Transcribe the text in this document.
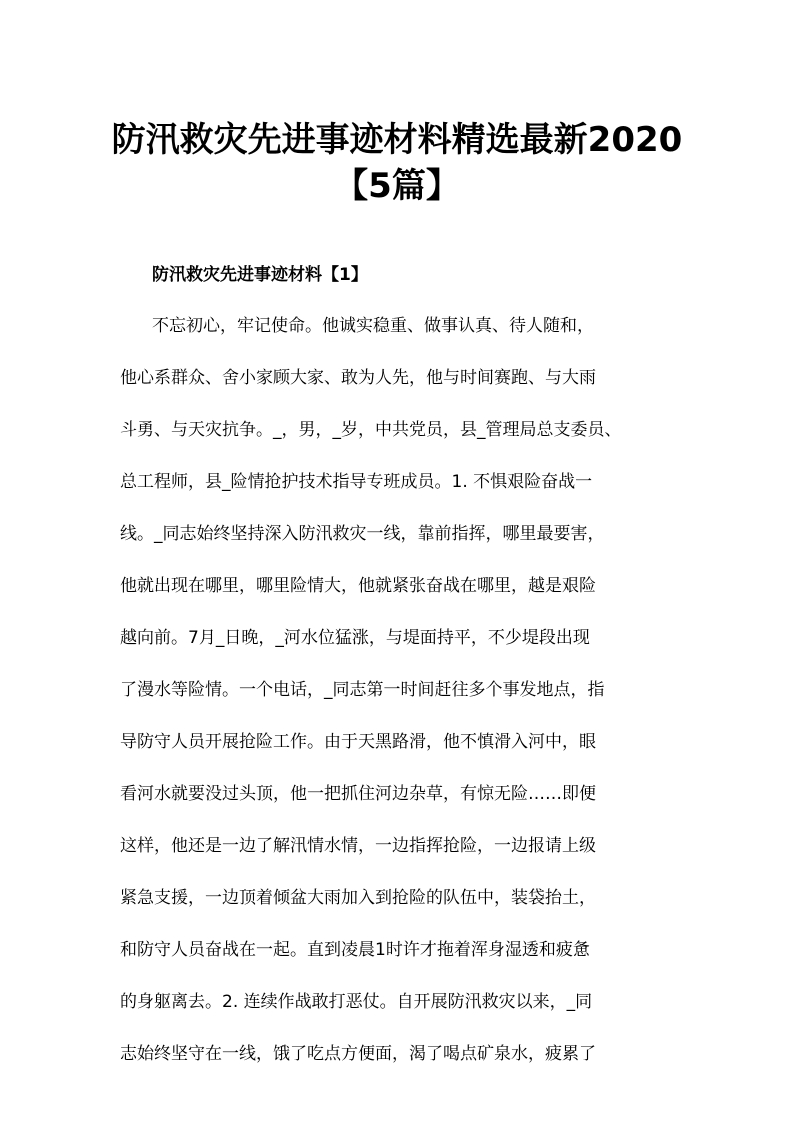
防汛救灾先进事迹材料精选最新2020
【5篇】
防汛救灾先进事迹材料【1】

不忘初心，牢记使命。他诚实稳重、做事认真、待人随和，

他心系群众、舍小家顾大家、敢为人先，他与时间赛跑、与大雨

斗勇、与天灾抗争。_，男，_岁，中共党员，县_管理局总支委员、

总工程师，县_险情抢护技术指导专班成员。1. 不惧艰险奋战一

线。_同志始终坚持深入防汛救灾一线，靠前指挥，哪里最要害，

他就出现在哪里，哪里险情大，他就紧张奋战在哪里，越是艰险

越向前。7月_日晚，_河水位猛涨，与堤面持平，不少堤段出现

了漫水等险情。一个电话，_同志第一时间赶往多个事发地点，指

导防守人员开展抢险工作。由于天黑路滑，他不慎滑入河中，眼

看河水就要没过头顶，他一把抓住河边杂草，有惊无险……即便

这样，他还是一边了解汛情水情，一边指挥抢险，一边报请上级

紧急支援，一边顶着倾盆大雨加入到抢险的队伍中，装袋抬土，

和防守人员奋战在一起。直到凌晨1时许才拖着浑身湿透和疲惫

的身躯离去。2. 连续作战敢打恶仗。自开展防汛救灾以来，_同

志始终坚守在一线，饿了吃点方便面，渴了喝点矿泉水，疲累了
